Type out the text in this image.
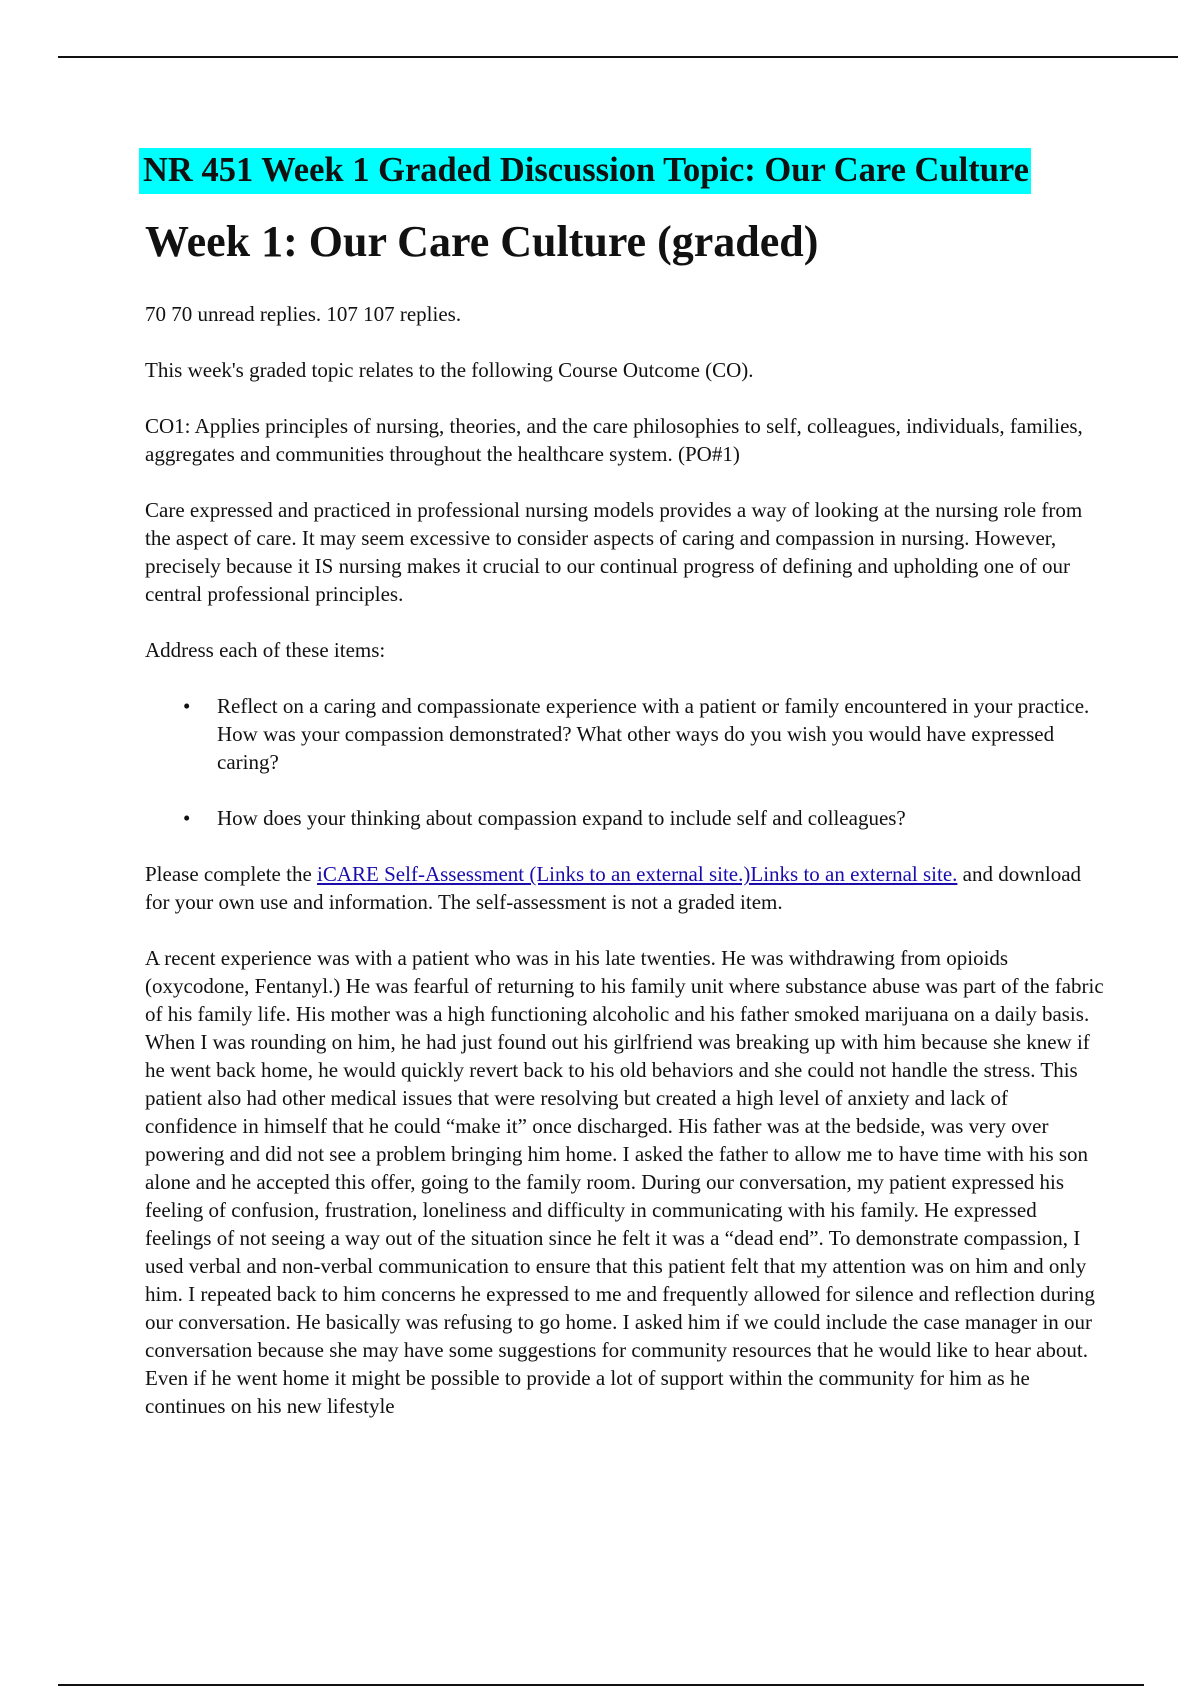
NR 451 Week 1 Graded Discussion Topic: Our Care Culture
Week 1: Our Care Culture (graded)

70 70 unread replies. 107 107 replies.

This week's graded topic relates to the following Course Outcome (CO).

CO1: Applies principles of nursing, theories, and the care philosophies to self, colleagues, individuals, families, aggregates and communities throughout the healthcare system. (PO#1)

Care expressed and practiced in professional nursing models provides a way of looking at the nursing role from the aspect of care. It may seem excessive to consider aspects of caring and compassion in nursing. However, precisely because it IS nursing makes it crucial to our continual progress of defining and upholding one of our central professional principles.

Address each of these items:

• Reflect on a caring and compassionate experience with a patient or family encountered in your practice. How was your compassion demonstrated? What other ways do you wish you would have expressed caring?
• How does your thinking about compassion expand to include self and colleagues?

Please complete the iCARE Self-Assessment (Links to an external site.)Links to an external site. and download for your own use and information. The self-assessment is not a graded item.

A recent experience was with a patient who was in his late twenties. He was withdrawing from opioids (oxycodone, Fentanyl.) He was fearful of returning to his family unit where substance abuse was part of the fabric of his family life. His mother was a high functioning alcoholic and his father smoked marijuana on a daily basis. When I was rounding on him, he had just found out his girlfriend was breaking up with him because she knew if he went back home, he would quickly revert back to his old behaviors and she could not handle the stress. This patient also had other medical issues that were resolving but created a high level of anxiety and lack of confidence in himself that he could “make it” once discharged. His father was at the bedside, was very over powering and did not see a problem bringing him home. I asked the father to allow me to have time with his son alone and he accepted this offer, going to the family room. During our conversation, my patient expressed his feeling of confusion, frustration, loneliness and difficulty in communicating with his family. He expressed feelings of not seeing a way out of the situation since he felt it was a “dead end”. To demonstrate compassion, I used verbal and non-verbal communication to ensure that this patient felt that my attention was on him and only him. I repeated back to him concerns he expressed to me and frequently allowed for silence and reflection during our conversation. He basically was refusing to go home. I asked him if we could include the case manager in our conversation because she may have some suggestions for community resources that he would like to hear about. Even if he went home it might be possible to provide a lot of support within the community for him as he continues on his new lifestyle
